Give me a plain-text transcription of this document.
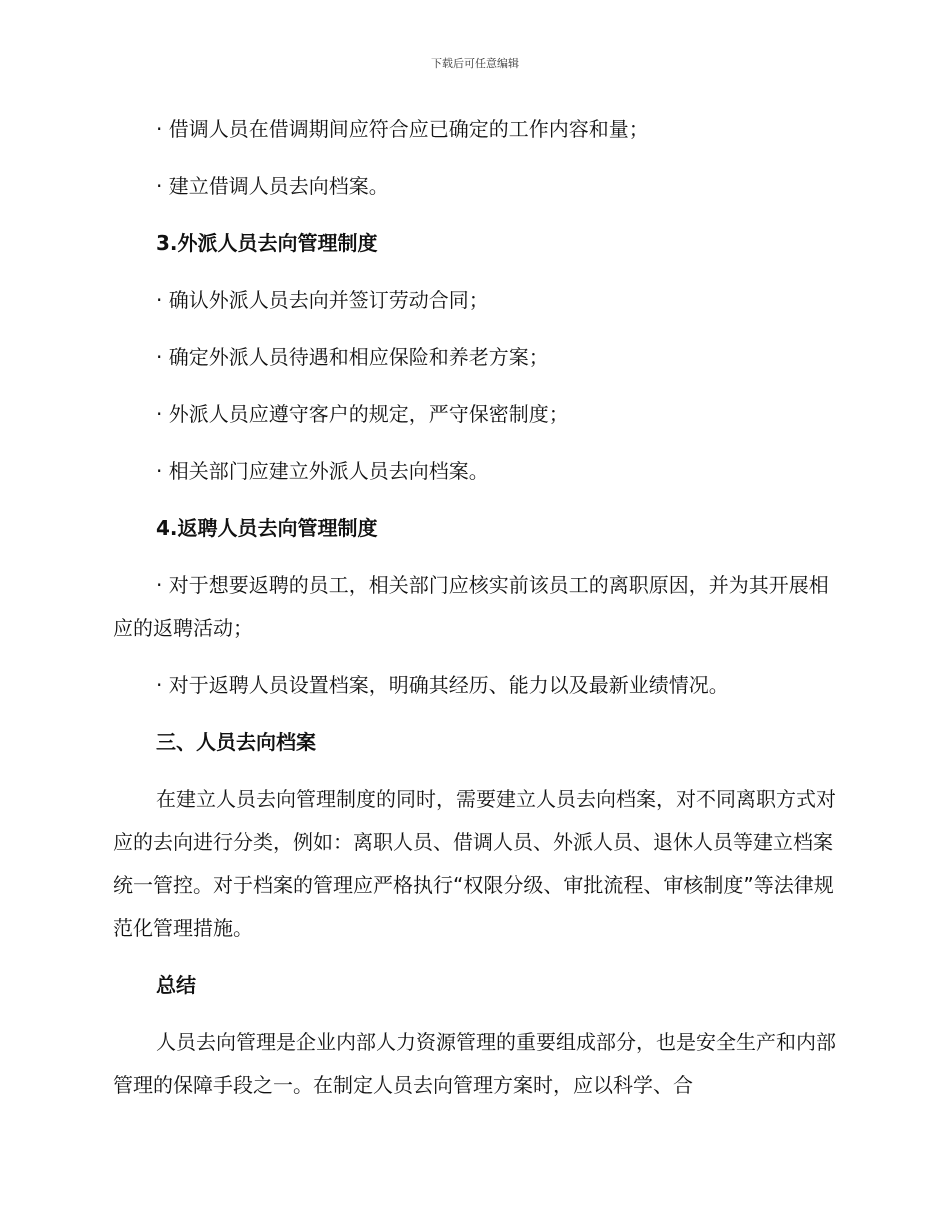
下载后可任意编辑

· 借调人员在借调期间应符合应已确定的工作内容和量；

· 建立借调人员去向档案。

3.外派人员去向管理制度

· 确认外派人员去向并签订劳动合同；

· 确定外派人员待遇和相应保险和养老方案；

· 外派人员应遵守客户的规定，严守保密制度；

· 相关部门应建立外派人员去向档案。

4.返聘人员去向管理制度

· 对于想要返聘的员工，相关部门应核实前该员工的离职原因，并为其开展相应的返聘活动；

· 对于返聘人员设置档案，明确其经历、能力以及最新业绩情况。

三、人员去向档案

在建立人员去向管理制度的同时，需要建立人员去向档案，对不同离职方式对应的去向进行分类，例如：离职人员、借调人员、外派人员、退休人员等建立档案统一管控。对于档案的管理应严格执行“权限分级、审批流程、审核制度”等法律规范化管理措施。

总结

人员去向管理是企业内部人力资源管理的重要组成部分，也是安全生产和内部管理的保障手段之一。在制定人员去向管理方案时，应以科学、合
